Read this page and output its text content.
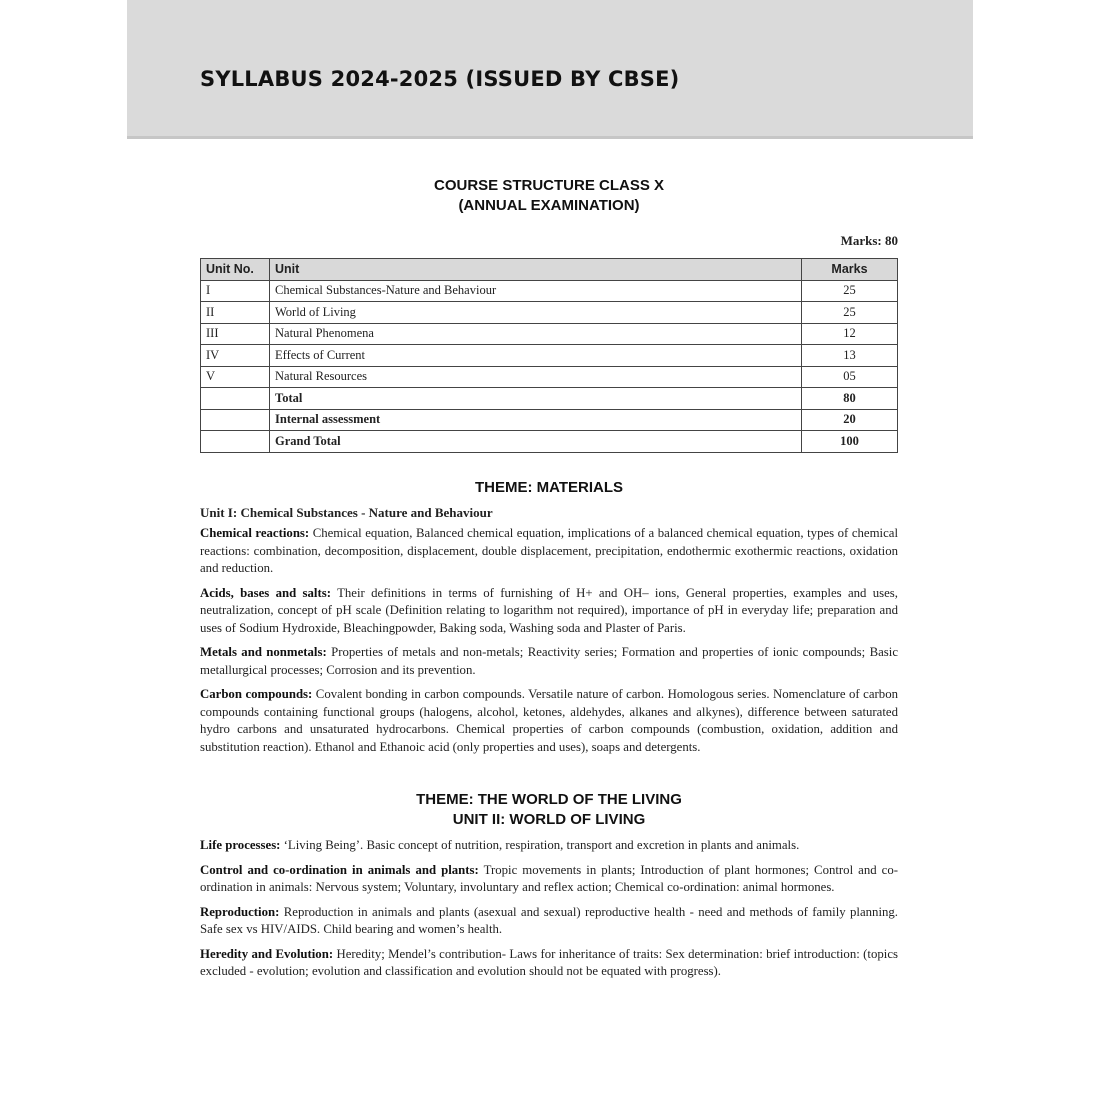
SYLLABUS 2024-2025 (ISSUED BY CBSE)

COURSE STRUCTURE CLASS X

(ANNUAL EXAMINATION)

Marks: 80
Unit No.	Unit	Marks
I	Chemical Substances-Nature and Behaviour	25
II	World of Living	25
III	Natural Phenomena	12
IV	Effects of Current	13
V	Natural Resources	05
	Total	80
	Internal assessment	20
	Grand Total	100

THEME: MATERIALS

Unit I: Chemical Substances - Nature and Behaviour

Chemical reactions: Chemical equation, Balanced chemical equation, implications of a balanced chemical equation, types of chemical reactions: combination, decomposition, displacement, double displacement, precipitation, endothermic exothermic reactions, oxidation and reduction.

Acids, bases and salts: Their definitions in terms of furnishing of H+ and OH– ions, General properties, examples and uses, neutralization, concept of pH scale (Definition relating to logarithm not required), importance of pH in everyday life; preparation and uses of Sodium Hydroxide, Bleachingpowder, Baking soda, Washing soda and Plaster of Paris.

Metals and nonmetals: Properties of metals and non-metals; Reactivity series; Formation and properties of ionic compounds; Basic metallurgical processes; Corrosion and its prevention.

Carbon compounds: Covalent bonding in carbon compounds. Versatile nature of carbon. Homologous series. Nomenclature of carbon compounds containing functional groups (halogens, alcohol, ketones, aldehydes, alkanes and alkynes), difference between saturated hydro carbons and unsaturated hydrocarbons. Chemical properties of carbon compounds (combustion, oxidation, addition and substitution reaction). Ethanol and Ethanoic acid (only properties and uses), soaps and detergents.

THEME: THE WORLD OF THE LIVING

UNIT II: WORLD OF LIVING

Life processes: ‘Living Being’. Basic concept of nutrition, respiration, transport and excretion in plants and animals.

Control and co-ordination in animals and plants: Tropic movements in plants; Introduction of plant hormones; Control and co-ordination in animals: Nervous system; Voluntary, involuntary and reflex action; Chemical co-ordination: animal hormones.

Reproduction: Reproduction in animals and plants (asexual and sexual) reproductive health - need and methods of family planning. Safe sex vs HIV/AIDS. Child bearing and women’s health.

Heredity and Evolution: Heredity; Mendel’s contribution- Laws for inheritance of traits: Sex determination: brief introduction: (topics excluded - evolution; evolution and classification and evolution should not be equated with progress).
